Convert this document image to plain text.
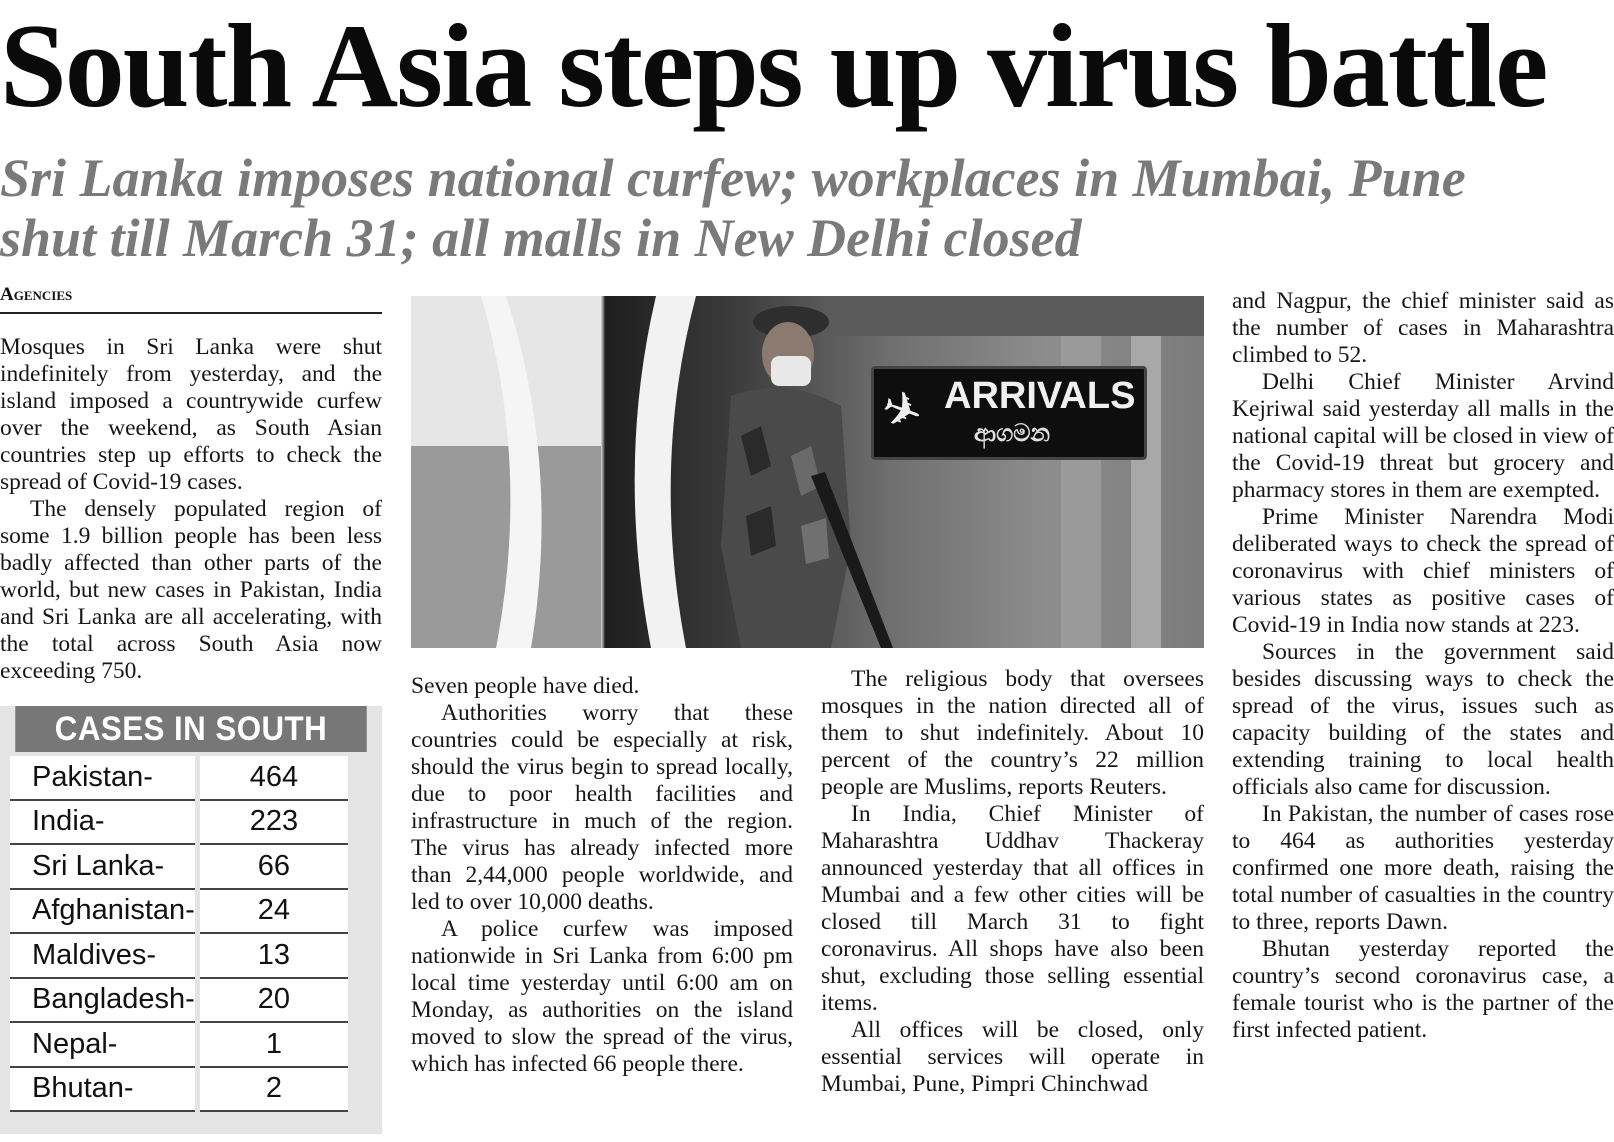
South Asia steps up virus battle
Sri Lanka imposes national curfew; workplaces in Mumbai, Pune
shut till March 31; all malls in New Delhi closed
Agencies

Mosques in Sri Lanka were shut indefinitely from yesterday, and the island imposed a countrywide curfew over the weekend, as South Asian countries step up efforts to check the spread of Covid-19 cases.

The densely populated region of some 1.9 billion people has been less badly affected than other parts of the world, but new cases in Pakistan, India and Sri Lanka are all accelerating, with the total across South Asia now exceeding 750.

✈ ARRIVALS
ආගමන

Seven people have died.

Authorities worry that these countries could be especially at risk, should the virus begin to spread locally, due to poor health facilities and infrastructure in much of the region. The virus has already infected more than 2,44,000 people worldwide, and led to over 10,000 deaths.

A police curfew was imposed nationwide in Sri Lanka from 6:00 pm local time yesterday until 6:00 am on Monday, as authorities on the island moved to slow the spread of the virus, which has infected 66 people there.

The religious body that oversees mosques in the nation directed all of them to shut indefinitely. About 10 percent of the country’s 22 million people are Muslims, reports Reuters.

In India, Chief Minister of Maharashtra Uddhav Thackeray announced yesterday that all offices in Mumbai and a few other cities will be closed till March 31 to fight coronavirus. All shops have also been shut, excluding those selling essential items.

All offices will be closed, only essential services will operate in Mumbai, Pune, Pimpri Chinchwad

and Nagpur, the chief minister said as the number of cases in Maharashtra climbed to 52.

Delhi Chief Minister Arvind Kejriwal said yesterday all malls in the national capital will be closed in view of the Covid-19 threat but grocery and pharmacy stores in them are exempted.

Prime Minister Narendra Modi deliberated ways to check the spread of coronavirus with chief ministers of various states as positive cases of Covid-19 in India now stands at 223.

Sources in the government said besides discussing ways to check the spread of the virus, issues such as capacity building of the states and extending training to local health officials also came for discussion.

In Pakistan, the number of cases rose to 464 as authorities yesterday confirmed one more death, raising the total number of casualties in the country to three, reports Dawn.

Bhutan yesterday reported the country’s second coronavirus case, a female tourist who is the partner of the first infected patient.

CASES IN SOUTH
Pakistan-	464
India-	223
Sri Lanka-	66
Afghanistan-	24
Maldives-	13
Bangladesh-	20
Nepal-	1
Bhutan-	2
